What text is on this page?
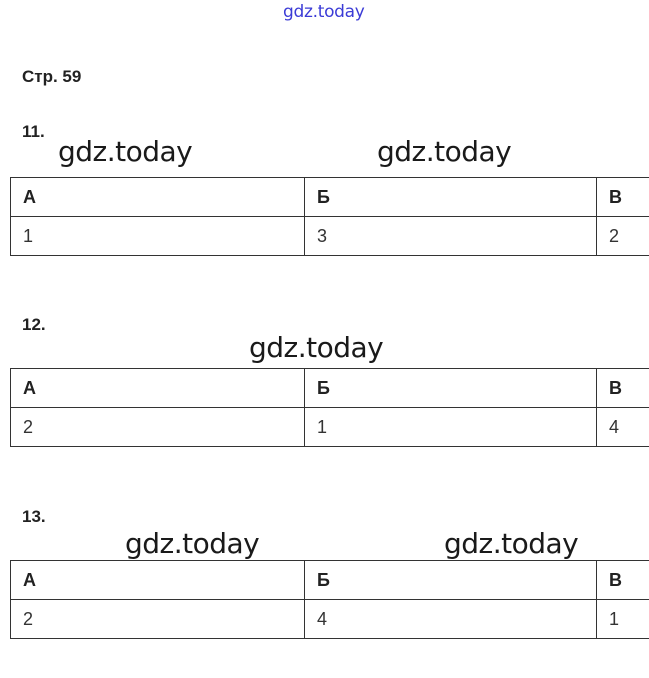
gdz.today
Стр. 59
11.
gdz.today	gdz.today
А	Б	В
1	3	2
12.
gdz.today
А	Б	В
2	1	4
13.
gdz.today	gdz.today
А	Б	В
2	4	1
